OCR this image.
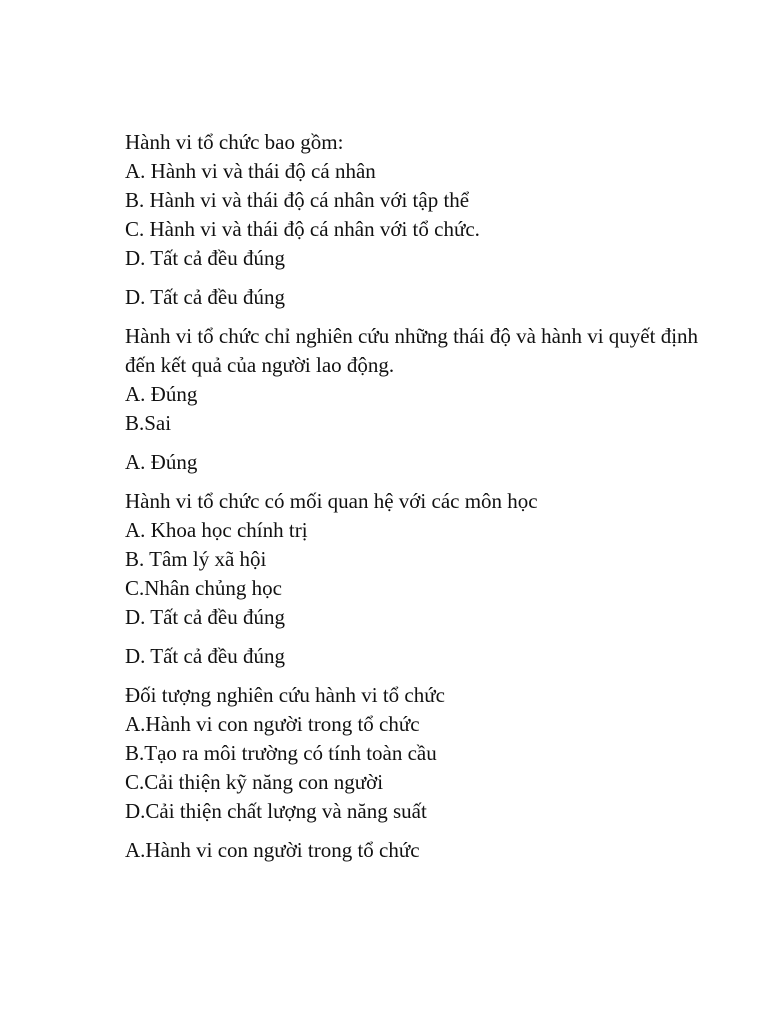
Hành vi tổ chức bao gồm:
A. Hành vi và thái độ cá nhân
B. Hành vi và thái độ cá nhân với tập thể
C. Hành vi và thái độ cá nhân với tổ chức.
D. Tất cả đều đúng
D. Tất cả đều đúng
Hành vi tổ chức chỉ nghiên cứu những thái độ và hành vi quyết định đến kết quả của người lao động.
A. Đúng
B.Sai
A. Đúng
Hành vi tổ chức có mối quan hệ với các môn học
A. Khoa học chính trị
B. Tâm lý xã hội
C.Nhân chủng học
D. Tất cả đều đúng
D. Tất cả đều đúng
Đối tượng nghiên cứu hành vi tổ chức
A.Hành vi con người trong tổ chức
B.Tạo ra môi trường có tính toàn cầu
C.Cải thiện kỹ năng con người
D.Cải thiện chất lượng và năng suất
A.Hành vi con người trong tổ chức
